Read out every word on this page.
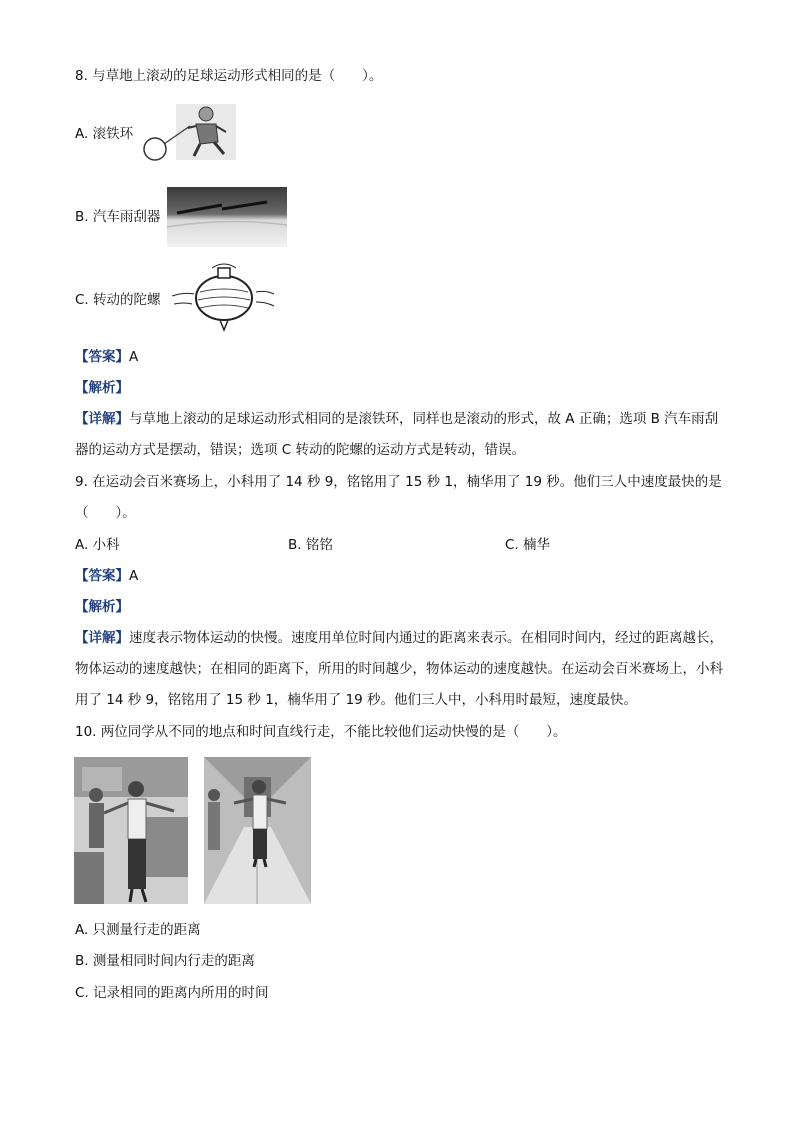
8. 与草地上滚动的足球运动形式相同的是（　　）。
A. 滚铁环
B. 汽车雨刮器
C. 转动的陀螺
【答案】A
【解析】
【详解】与草地上滚动的足球运动形式相同的是滚铁环，同样也是滚动的形式，故 A 正确；选项 B 汽车雨刮器的运动方式是摆动，错误；选项 C 转动的陀螺的运动方式是转动，错误。
9. 在运动会百米赛场上，小科用了 14 秒 9，铭铭用了 15 秒 1，楠华用了 19 秒。他们三人中速度最快的是
（　　）。
A. 小科	B. 铭铭	C. 楠华
【答案】A
【解析】
【详解】速度表示物体运动的快慢。速度用单位时间内通过的距离来表示。在相同时间内，经过的距离越长，物体运动的速度越快；在相同的距离下，所用的时间越少，物体运动的速度越快。在运动会百米赛场上，小科用了 14 秒 9，铭铭用了 15 秒 1，楠华用了 19 秒。他们三人中，小科用时最短，速度最快。
10. 两位同学从不同的地点和时间直线行走，不能比较他们运动快慢的是（　　）。
A. 只测量行走的距离
B. 测量相同时间内行走的距离
C. 记录相同的距离内所用的时间
